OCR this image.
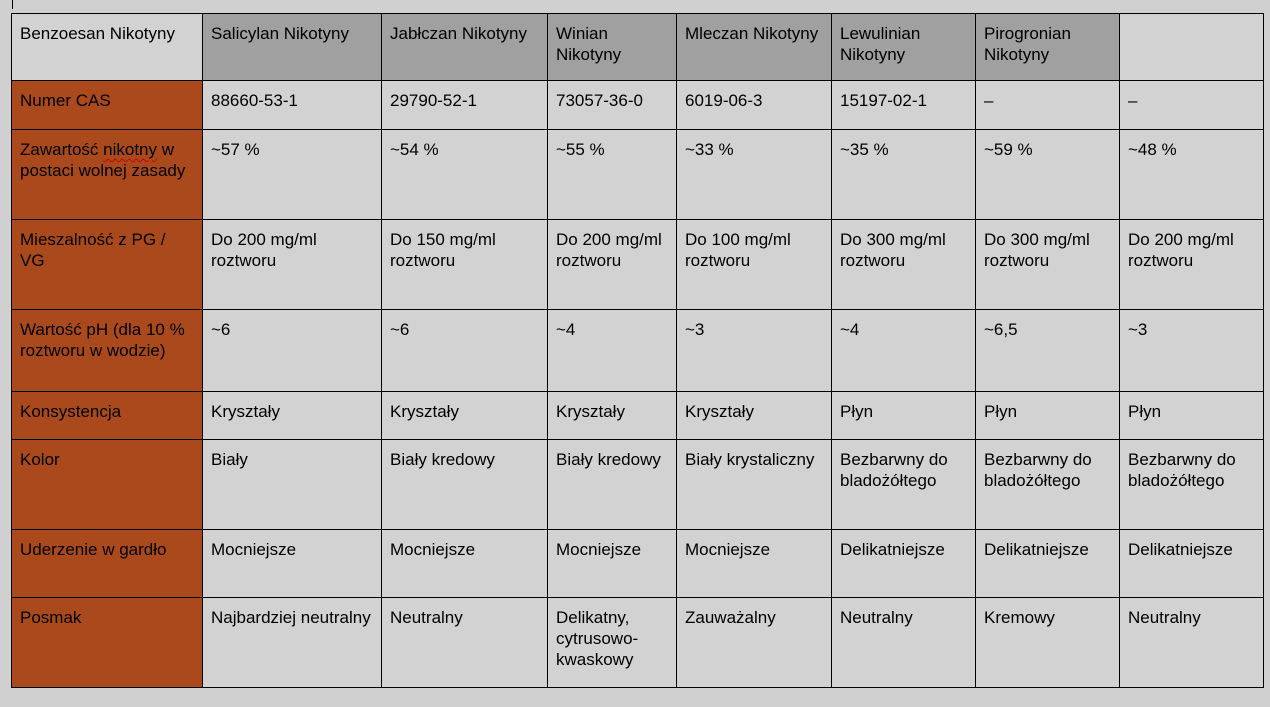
Benzoesan Nikotyny	Salicylan Nikotyny	Jabłczan Nikotyny	Winian Nikotyny	Mleczan Nikotyny	Lewulinian Nikotyny	Pirogronian Nikotyny	
Numer CAS	88660-53-1	29790-52-1	73057-36-0	6019-06-3	15197-02-1	–	–
Zawartość nikotny w postaci wolnej zasady	~57 %	~54 %	~55 %	~33 %	~35 %	~59 %	~48 %
Mieszalność z PG / VG	Do 200 mg/ml roztworu	Do 150 mg/ml roztworu	Do 200 mg/ml roztworu	Do 100 mg/ml roztworu	Do 300 mg/ml roztworu	Do 300 mg/ml roztworu	Do 200 mg/ml roztworu
Wartość pH (dla 10 % roztworu w wodzie)	~6	~6	~4	~3	~4	~6,5	~3
Konsystencja	Kryształy	Kryształy	Kryształy	Kryształy	Płyn	Płyn	Płyn
Kolor	Biały	Biały kredowy	Biały kredowy	Biały krystaliczny	Bezbarwny do bladożółtego	Bezbarwny do bladożółtego	Bezbarwny do bladożółtego
Uderzenie w gardło	Mocniejsze	Mocniejsze	Mocniejsze	Mocniejsze	Delikatniejsze	Delikatniejsze	Delikatniejsze
Posmak	Najbardziej neutralny	Neutralny	Delikatny, cytrusowo-kwaskowy	Zauważalny	Neutralny	Kremowy	Neutralny
